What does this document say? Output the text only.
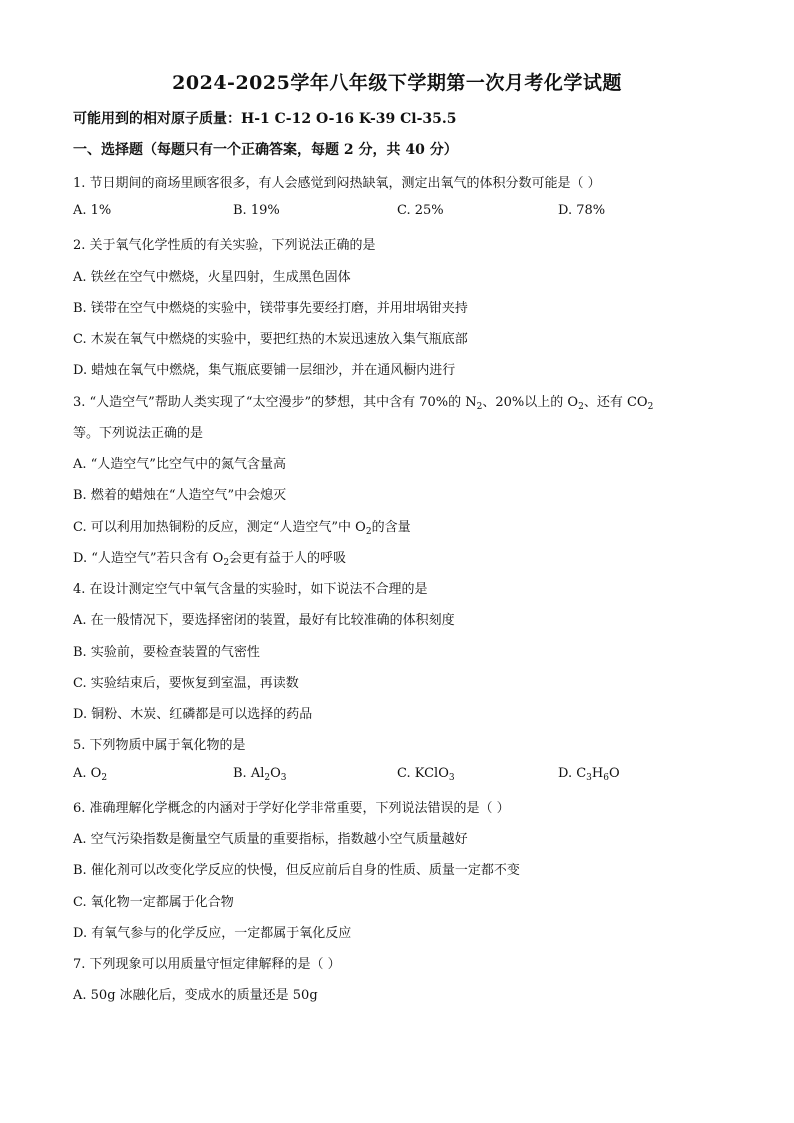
2024-2025学年八年级下学期第一次月考化学试题
可能用到的相对原子质量：H-1 C-12 O-16 K-39 Cl-35.5
一、选择题（每题只有一个正确答案，每题 2 分，共 40 分）
1. 节日期间的商场里顾客很多，有人会感觉到闷热缺氧，测定出氧气的体积分数可能是（ ）
A. 1%	B. 19%	C. 25%	D. 78%
2. 关于氧气化学性质的有关实验，下列说法正确的是
A. 铁丝在空气中燃烧，火星四射，生成黑色固体
B. 镁带在空气中燃烧的实验中，镁带事先要经打磨，并用坩埚钳夹持
C. 木炭在氧气中燃烧的实验中，要把红热的木炭迅速放入集气瓶底部
D. 蜡烛在氧气中燃烧，集气瓶底要铺一层细沙，并在通风橱内进行
3. “人造空气”帮助人类实现了“太空漫步”的梦想，其中含有 70%的 $N_2$、20%以上的 $O_2$、还有 $CO_2$
等。下列说法正确的是
A. “人造空气”比空气中的氮气含量高
B. 燃着的蜡烛在“人造空气”中会熄灭
C. 可以利用加热铜粉的反应，测定“人造空气”中 $O_2$的含量
D. “人造空气”若只含有 $O_2$会更有益于人的呼吸
4. 在设计测定空气中氧气含量的实验时，如下说法不合理的是
A. 在一般情况下，要选择密闭的装置，最好有比较准确的体积刻度
B. 实验前，要检查装置的气密性
C. 实验结束后，要恢复到室温，再读数
D. 铜粉、木炭、红磷都是可以选择的药品
5. 下列物质中属于氧化物的是
A. $O_2$	B. $Al_2O_3$	C. KClO$_3$	D. $C_3H_6O$
6. 准确理解化学概念的内涵对于学好化学非常重要，下列说法错误的是（ ）
A. 空气污染指数是衡量空气质量的重要指标，指数越小空气质量越好
B. 催化剂可以改变化学反应的快慢，但反应前后自身的性质、质量一定都不变
C. 氧化物一定都属于化合物
D. 有氧气参与的化学反应，一定都属于氧化反应
7. 下列现象可以用质量守恒定律解释的是（ ）
A. 50g 冰融化后，变成水的质量还是 50g
